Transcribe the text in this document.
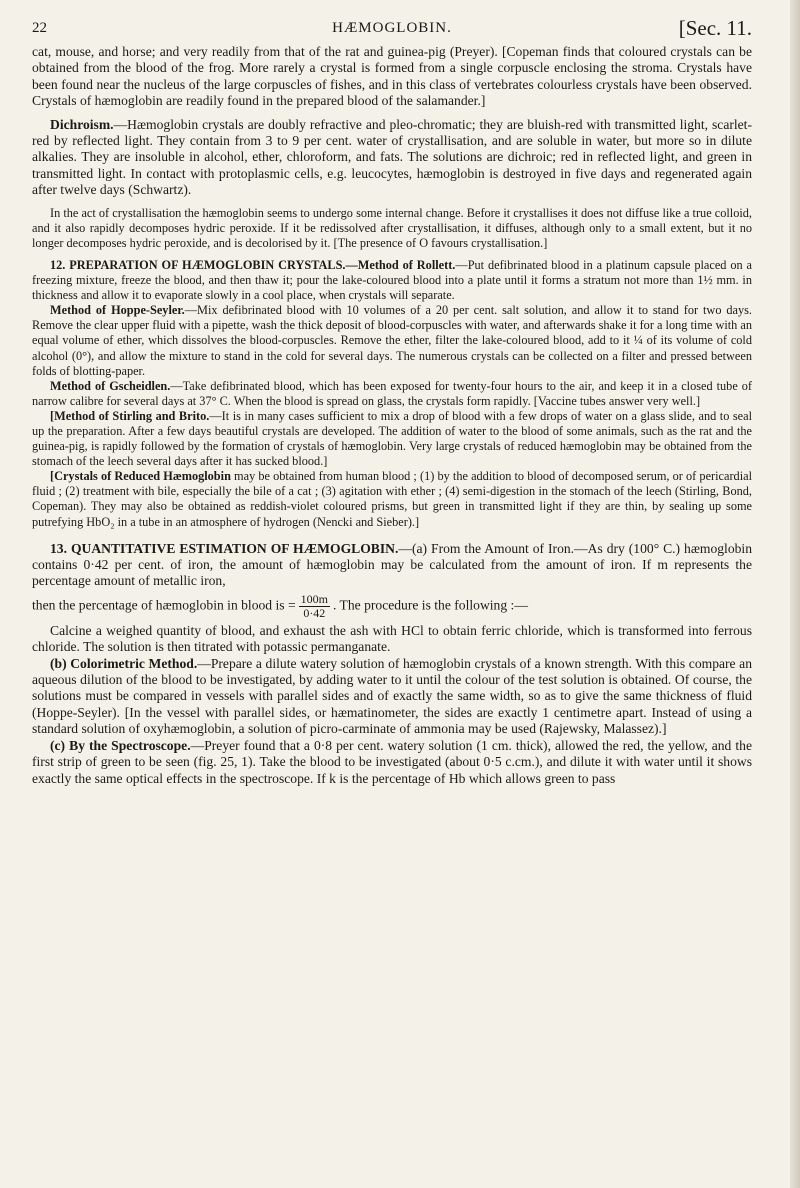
22	HÆMOGLOBIN.	[Sec. 11.

cat, mouse, and horse; and very readily from that of the rat and guinea-pig (Preyer). [Copeman finds that coloured crystals can be obtained from the blood of the frog. More rarely a crystal is formed from a single corpuscle enclosing the stroma. Crystals have been found near the nucleus of the large corpuscles of fishes, and in this class of vertebrates colourless crystals have been observed. Crystals of hæmoglobin are readily found in the prepared blood of the salamander.]

Dichroism.—Hæmoglobin crystals are doubly refractive and pleo-chromatic; they are bluish-red with transmitted light, scarlet-red by reflected light. They contain from 3 to 9 per cent. water of crystallisation, and are soluble in water, but more so in dilute alkalies. They are insoluble in alcohol, ether, chloroform, and fats. The solutions are dichroic; red in reflected light, and green in transmitted light. In contact with protoplasmic cells, e.g. leucocytes, hæmoglobin is destroyed in five days and regenerated again after twelve days (Schwartz).

In the act of crystallisation the hæmoglobin seems to undergo some internal change. Before it crystallises it does not diffuse like a true colloid, and it also rapidly decomposes hydric peroxide. If it be redissolved after crystallisation, it diffuses, although only to a small extent, but it no longer decomposes hydric peroxide, and is decolorised by it. [The presence of O favours crystallisation.]

12. PREPARATION OF HÆMOGLOBIN CRYSTALS.—Method of Rollett.—Put defibrinated blood in a platinum capsule placed on a freezing mixture, freeze the blood, and then thaw it; pour the lake-coloured blood into a plate until it forms a stratum not more than 1½ mm. in thickness and allow it to evaporate slowly in a cool place, when crystals will separate.

Method of Hoppe-Seyler.—Mix defibrinated blood with 10 volumes of a 20 per cent. salt solution, and allow it to stand for two days. Remove the clear upper fluid with a pipette, wash the thick deposit of blood-corpuscles with water, and afterwards shake it for a long time with an equal volume of ether, which dissolves the blood-corpuscles. Remove the ether, filter the lake-coloured blood, add to it ¼ of its volume of cold alcohol (0°), and allow the mixture to stand in the cold for several days. The numerous crystals can be collected on a filter and pressed between folds of blotting-paper.

Method of Gscheidlen.—Take defibrinated blood, which has been exposed for twenty-four hours to the air, and keep it in a closed tube of narrow calibre for several days at 37° C. When the blood is spread on glass, the crystals form rapidly. [Vaccine tubes answer very well.]

[Method of Stirling and Brito.—It is in many cases sufficient to mix a drop of blood with a few drops of water on a glass slide, and to seal up the preparation. After a few days beautiful crystals are developed. The addition of water to the blood of some animals, such as the rat and the guinea-pig, is rapidly followed by the formation of crystals of hæmoglobin. Very large crystals of reduced hæmoglobin may be obtained from the stomach of the leech several days after it has sucked blood.]

[Crystals of Reduced Hæmoglobin may be obtained from human blood ; (1) by the addition to blood of decomposed serum, or of pericardial fluid ; (2) treatment with bile, especially the bile of a cat ; (3) agitation with ether ; (4) semi-digestion in the stomach of the leech (Stirling, Bond, Copeman). They may also be obtained as reddish-violet coloured prisms, but green in transmitted light if they are thin, by sealing up some putrefying HbO₂ in a tube in an atmosphere of hydrogen (Nencki and Sieber).]

13. QUANTITATIVE ESTIMATION OF HÆMOGLOBIN.—(a) From the Amount of Iron.—As dry (100° C.) hæmoglobin contains 0·42 per cent. of iron, the amount of hæmoglobin may be calculated from the amount of iron. If m represents the percentage amount of metallic iron,

then the percentage of hæmoglobin in blood is = $\frac{100m}{0\cdot 42}$ . The procedure is the following :—

Calcine a weighed quantity of blood, and exhaust the ash with HCl to obtain ferric chloride, which is transformed into ferrous chloride. The solution is then titrated with potassic permanganate.

(b) Colorimetric Method.—Prepare a dilute watery solution of hæmoglobin crystals of a known strength. With this compare an aqueous dilution of the blood to be investigated, by adding water to it until the colour of the test solution is obtained. Of course, the solutions must be compared in vessels with parallel sides and of exactly the same width, so as to give the same thickness of fluid (Hoppe-Seyler). [In the vessel with parallel sides, or hæmatinometer, the sides are exactly 1 centimetre apart. Instead of using a standard solution of oxyhæmoglobin, a solution of picro-carminate of ammonia may be used (Rajewsky, Malassez).]

(c) By the Spectroscope.—Preyer found that a 0·8 per cent. watery solution (1 cm. thick), allowed the red, the yellow, and the first strip of green to be seen (fig. 25, 1). Take the blood to be investigated (about 0·5 c.cm.), and dilute it with water until it shows exactly the same optical effects in the spectroscope. If k is the percentage of Hb which allows green to pass
